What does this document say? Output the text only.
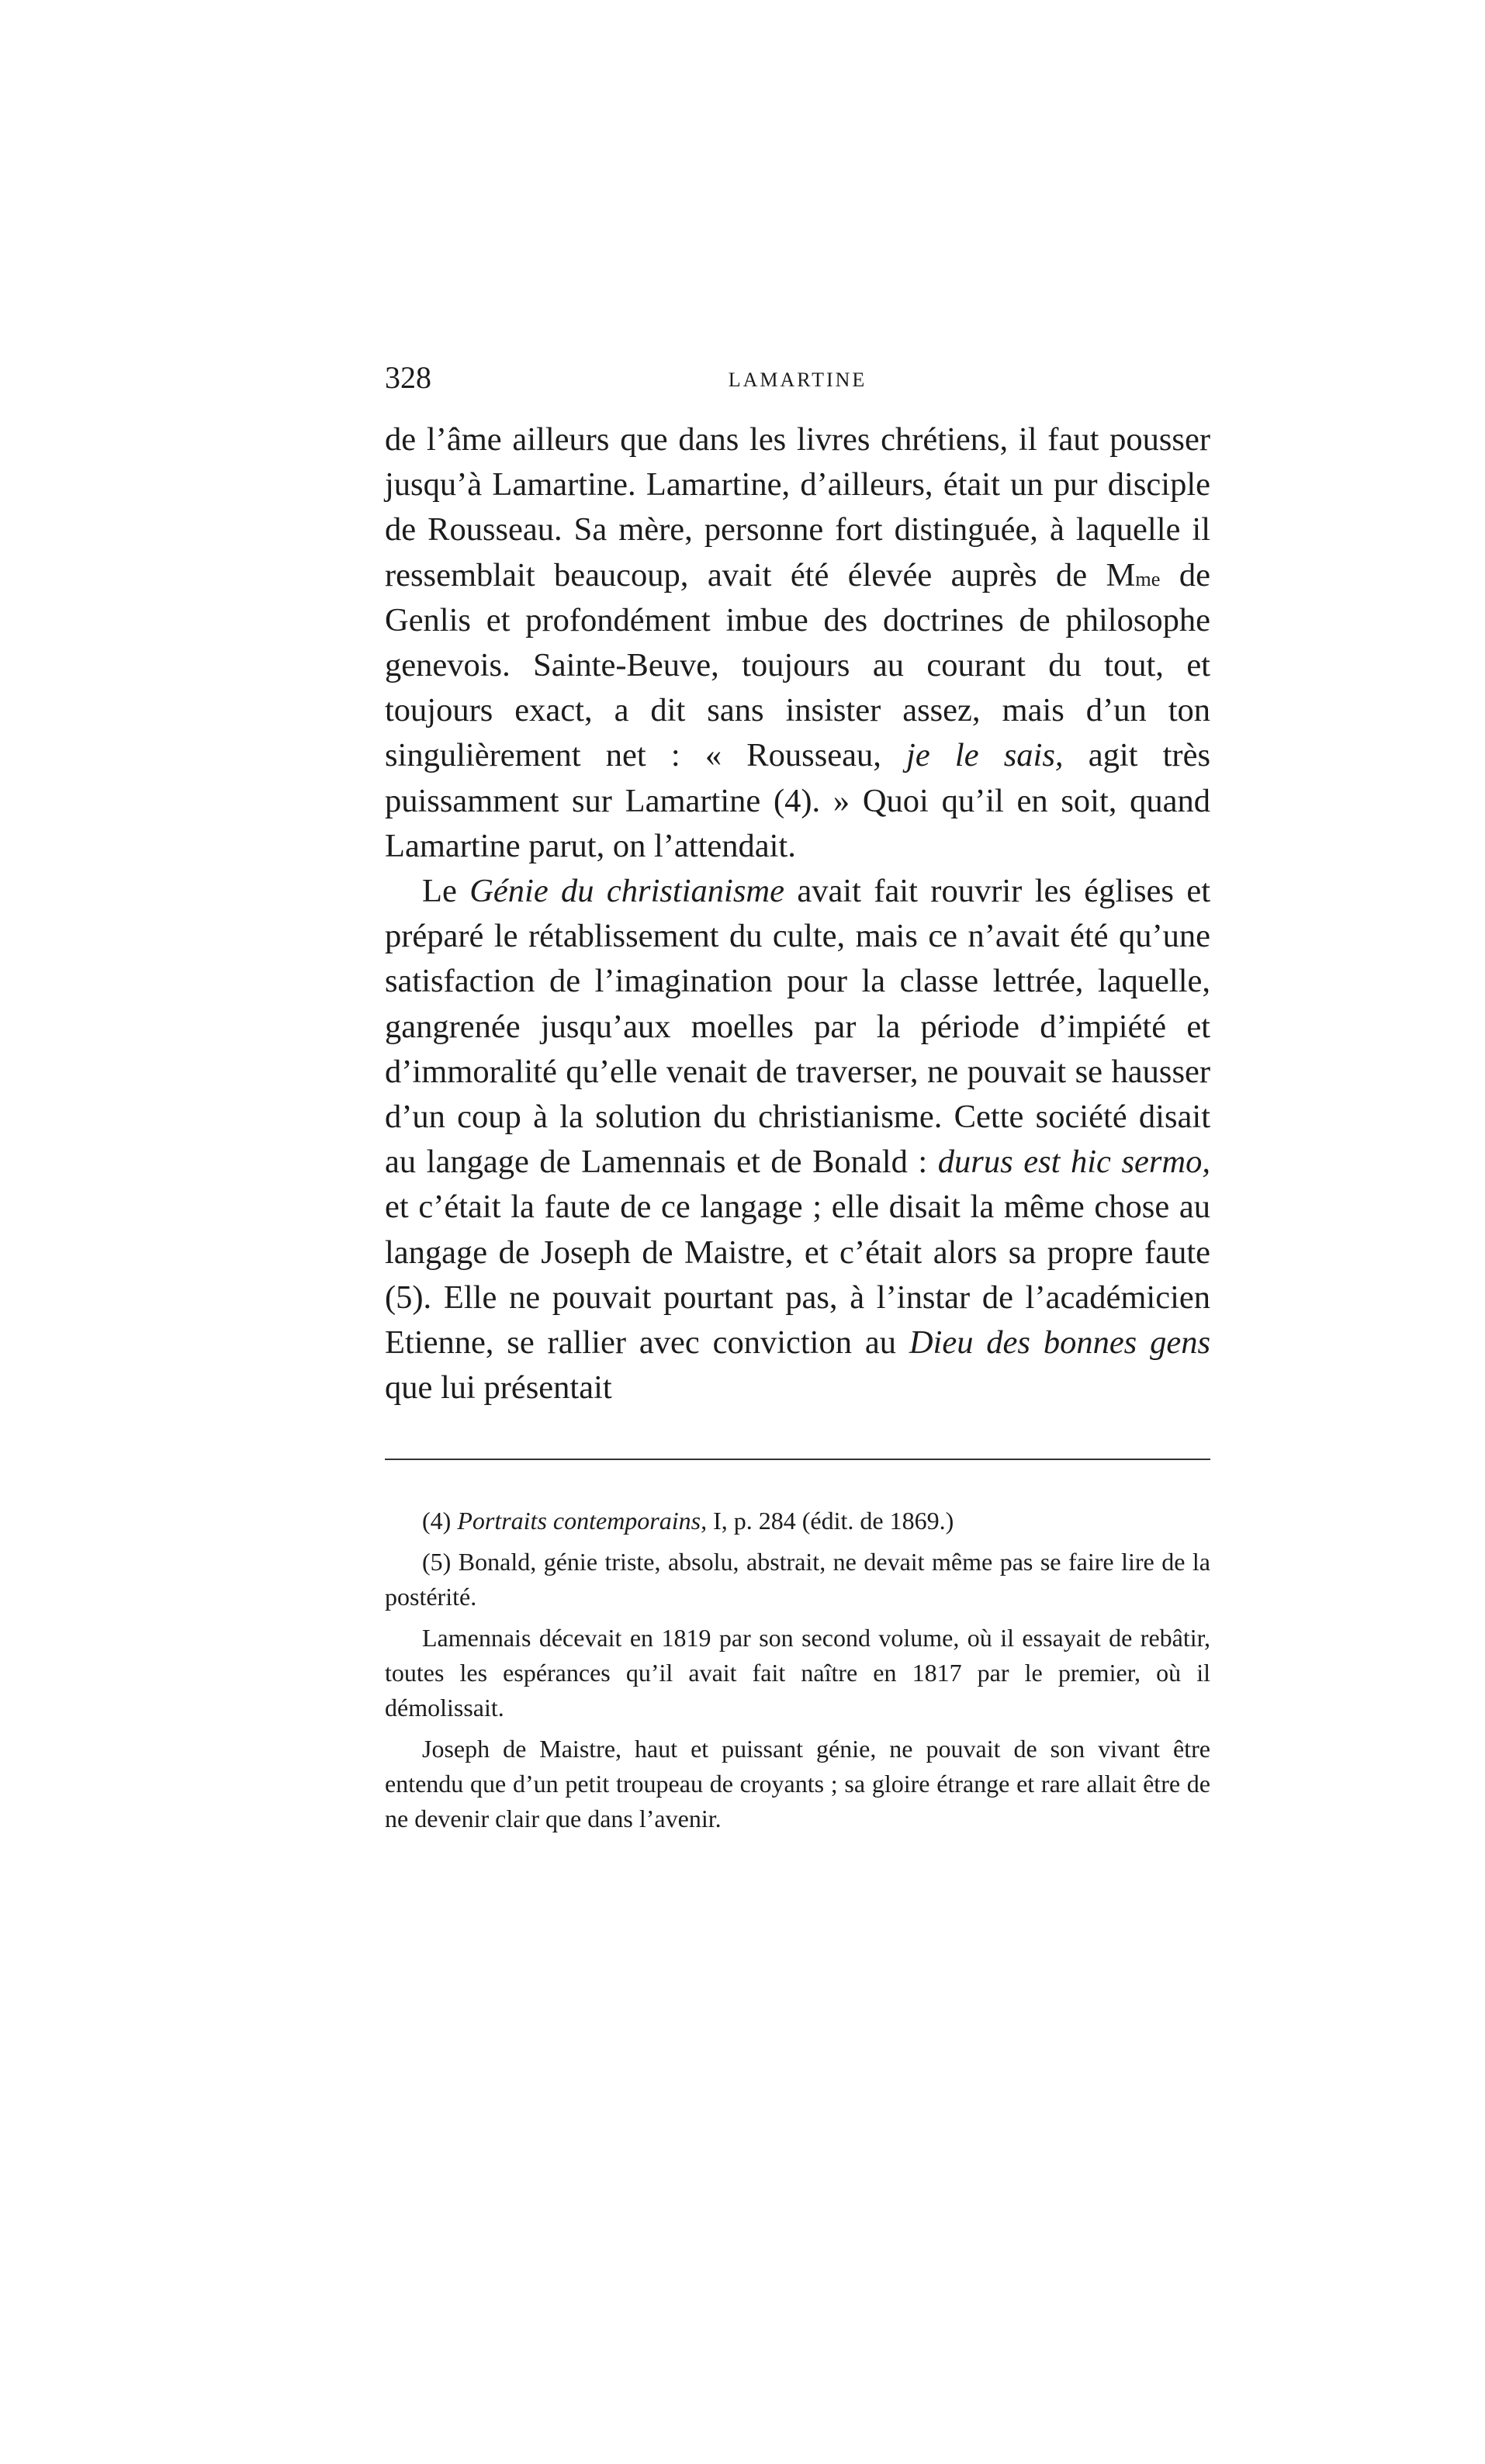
328	LAMARTINE

de l’âme ailleurs que dans les livres chrétiens, il faut pousser jusqu’à Lamartine. Lamartine, d’ailleurs, était un pur disciple de Rousseau. Sa mère, personne fort distinguée, à laquelle il ressemblait beaucoup, avait été élevée auprès de $M^{me}$ de Genlis et profondément imbue des doctrines de philosophe genevois. Sainte-Beuve, toujours au courant du tout, et toujours exact, a dit sans insister assez, mais d’un ton singulièrement net : « Rousseau, je le sais, agit très puissamment sur Lamartine (4). » Quoi qu’il en soit, quand Lamartine parut, on l’attendait.

Le Génie du christianisme avait fait rouvrir les églises et préparé le rétablissement du culte, mais ce n’avait été qu’une satisfaction de l’imagination pour la classe lettrée, laquelle, gangrenée jusqu’aux moelles par la période d’impiété et d’immoralité qu’elle venait de traverser, ne pouvait se hausser d’un coup à la solution du christianisme. Cette société disait au langage de Lamennais et de Bonald : durus est hic sermo, et c’était la faute de ce langage ; elle disait la même chose au langage de Joseph de Maistre, et c’était alors sa propre faute (5). Elle ne pouvait pourtant pas, à l’instar de l’académicien Etienne, se rallier avec conviction au Dieu des bonnes gens que lui présentait

(4) Portraits contemporains, I, p. 284 (édit. de 1869.)

(5) Bonald, génie triste, absolu, abstrait, ne devait même pas se faire lire de la postérité.

Lamennais décevait en 1819 par son second volume, où il essayait de rebâtir, toutes les espérances qu’il avait fait naître en 1817 par le premier, où il démolissait.

Joseph de Maistre, haut et puissant génie, ne pouvait de son vivant être entendu que d’un petit troupeau de croyants ; sa gloire étrange et rare allait être de ne devenir clair que dans l’avenir.
